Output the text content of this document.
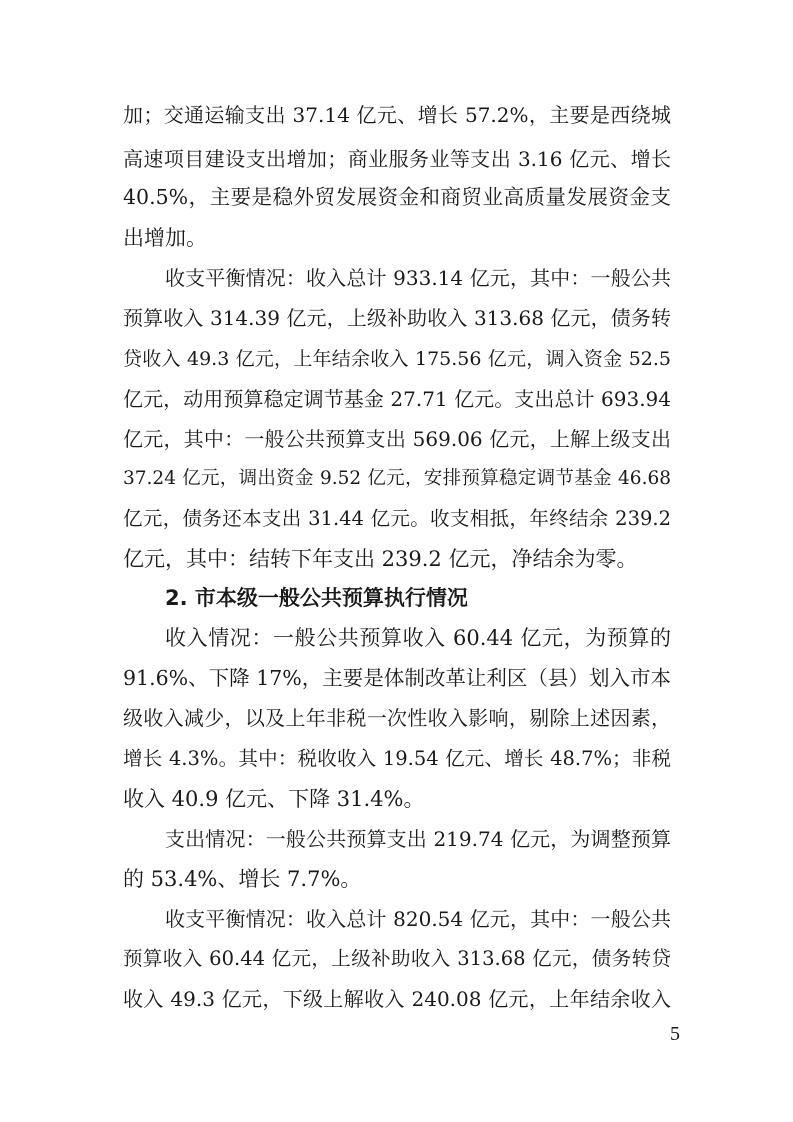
加；交通运输支出 37.14 亿元、增长 57.2%，主要是西绕城
高速项目建设支出增加；商业服务业等支出 3.16 亿元、增长
40.5%，主要是稳外贸发展资金和商贸业高质量发展资金支
出增加。
收支平衡情况：收入总计 933.14 亿元，其中：一般公共
预算收入 314.39 亿元，上级补助收入 313.68 亿元，债务转
贷收入 49.3 亿元，上年结余收入 175.56 亿元，调入资金 52.5
亿元，动用预算稳定调节基金 27.71 亿元。支出总计 693.94
亿元，其中：一般公共预算支出 569.06 亿元，上解上级支出
37.24 亿元，调出资金 9.52 亿元，安排预算稳定调节基金 46.68
亿元，债务还本支出 31.44 亿元。收支相抵，年终结余 239.2
亿元，其中：结转下年支出 239.2 亿元，净结余为零。
2. 市本级一般公共预算执行情况
收入情况：一般公共预算收入 60.44 亿元，为预算的
91.6%、下降 17%，主要是体制改革让利区（县）划入市本
级收入减少，以及上年非税一次性收入影响，剔除上述因素，
增长 4.3%。其中：税收收入 19.54 亿元、增长 48.7%；非税
收入 40.9 亿元、下降 31.4%。
支出情况：一般公共预算支出 219.74 亿元，为调整预算
的 53.4%、增长 7.7%。
收支平衡情况：收入总计 820.54 亿元，其中：一般公共
预算收入 60.44 亿元，上级补助收入 313.68 亿元，债务转贷
收入 49.3 亿元，下级上解收入 240.08 亿元，上年结余收入
5
